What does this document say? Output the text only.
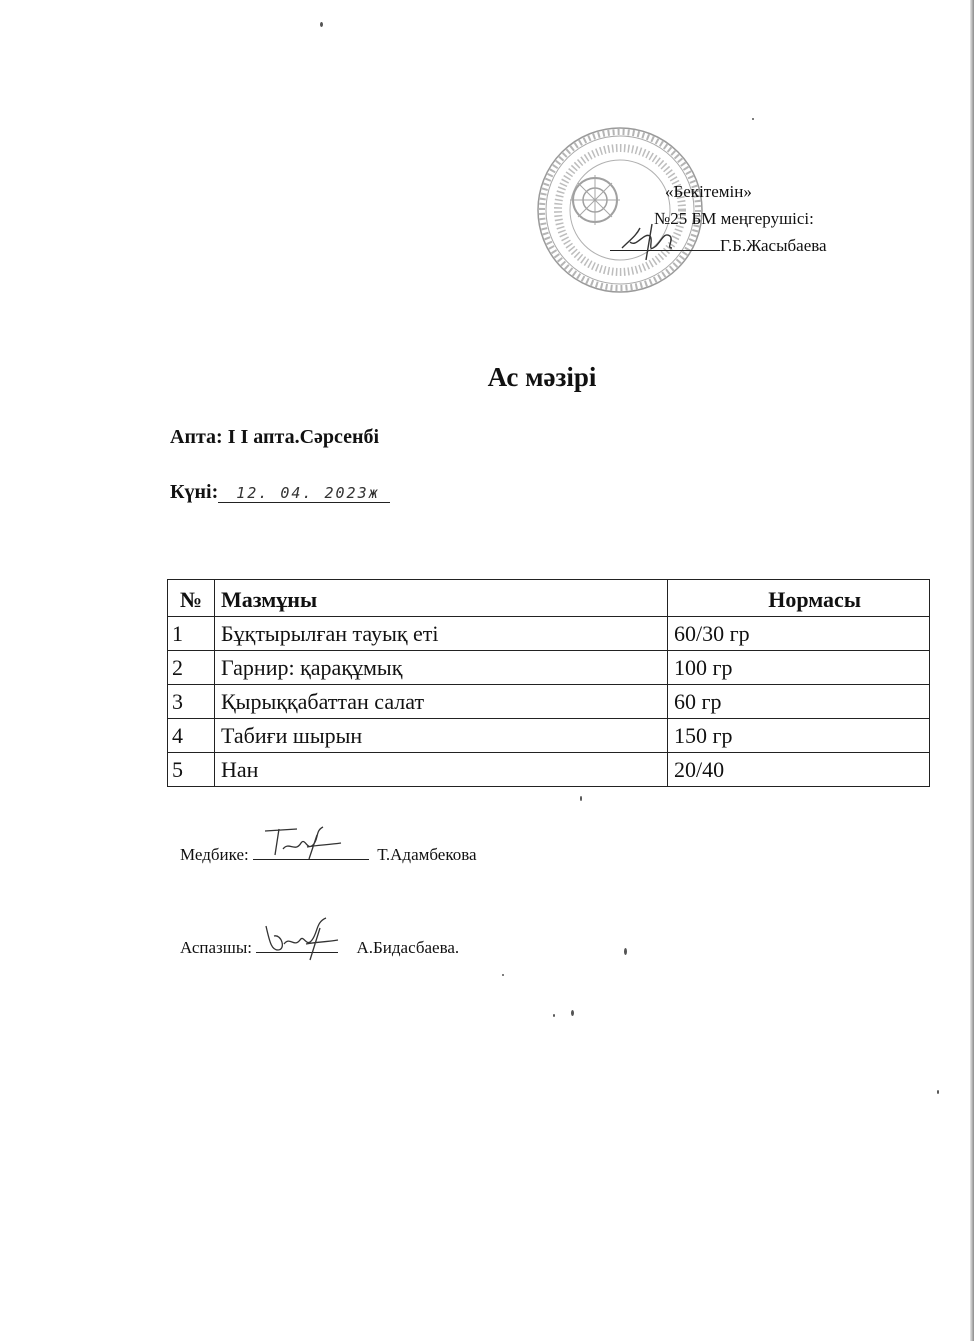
«Бекітемін»
№25 БМ меңгерушісі:
Г.Б.Жасыбаева
Ас мәзірі
Апта: І І апта.Сәрсенбі
Күні: 12. 04. 2023ж
№	Мазмұны	Нормасы
1	Бұқтырылған тауық еті	60/30 гр
2	Гарнир: қарақұмық	100 гр
3	Қырыққабаттан салат	60 гр
4	Табиғи шырын	150 гр
5	Нан	20/40
Медбике:	Т.Адамбекова
Аспазшы:	А.Бидасбаева.
